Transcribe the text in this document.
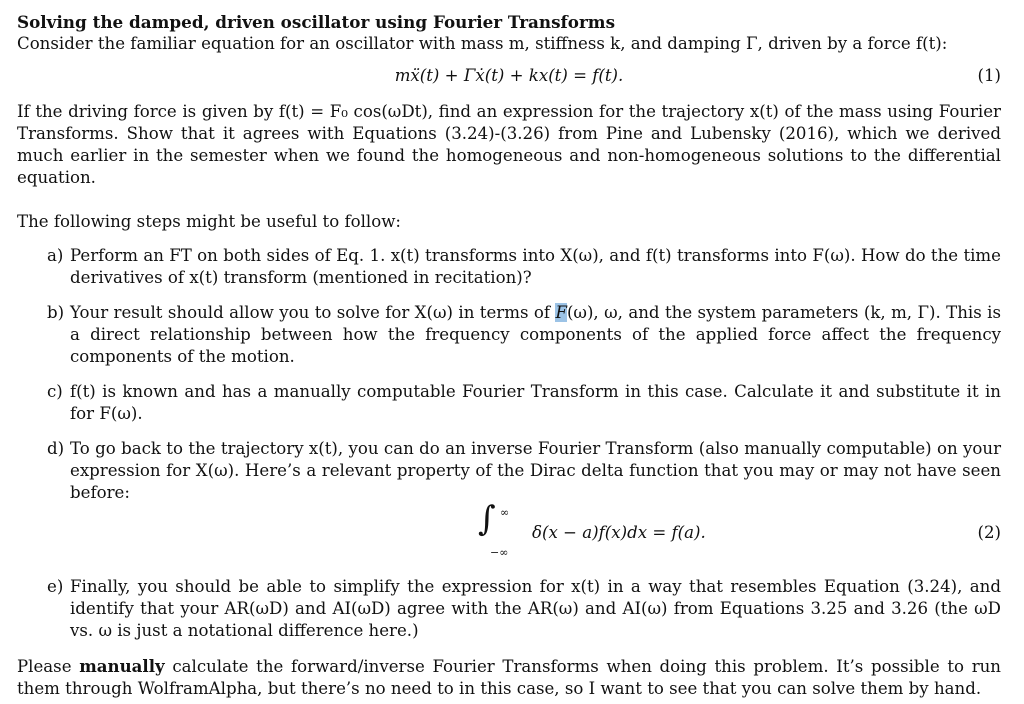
Solving the damped, driven oscillator using Fourier Transforms

Consider the familiar equation for an oscillator with mass m, stiffness k, and damping Γ, driven by a force f(t):

mẍ(t) + Γẋ(t) + kx(t) = f(t).	(1)

If the driving force is given by f(t) = F₀ cos(ωDt), find an expression for the trajectory x(t) of the mass using Fourier Transforms. Show that it agrees with Equations (3.24)-(3.26) from Pine and Lubensky (2016), which we derived much earlier in the semester when we found the homogeneous and non-homogeneous solutions to the differential equation.

The following steps might be useful to follow:

a) Perform an FT on both sides of Eq. 1. x(t) transforms into X(ω), and f(t) transforms into F(ω). How do the time derivatives of x(t) transform (mentioned in recitation)?
b) Your result should allow you to solve for X(ω) in terms of F(ω), ω, and the system parameters (k, m, Γ). This is a direct relationship between how the frequency components of the applied force affect the frequency components of the motion.
c) f(t) is known and has a manually computable Fourier Transform in this case. Calculate it and substitute it in for F(ω).
d) To go back to the trajectory x(t), you can do an inverse Fourier Transform (also manually computable) on your expression for X(ω). Here’s a relevant property of the Dirac delta function that you may or may not have seen before:
∫ ∞
−∞
δ(x − a)f(x)dx = f(a).	(2)
e) Finally, you should be able to simplify the expression for x(t) in a way that resembles Equation (3.24), and identify that your AR(ωD) and AI(ωD) agree with the AR(ω) and AI(ω) from Equations 3.25 and 3.26 (the ωD vs. ω is just a notational difference here.)

Please manually calculate the forward/inverse Fourier Transforms when doing this problem. It’s possible to run them through WolframAlpha, but there’s no need to in this case, so I want to see that you can solve them by hand.
